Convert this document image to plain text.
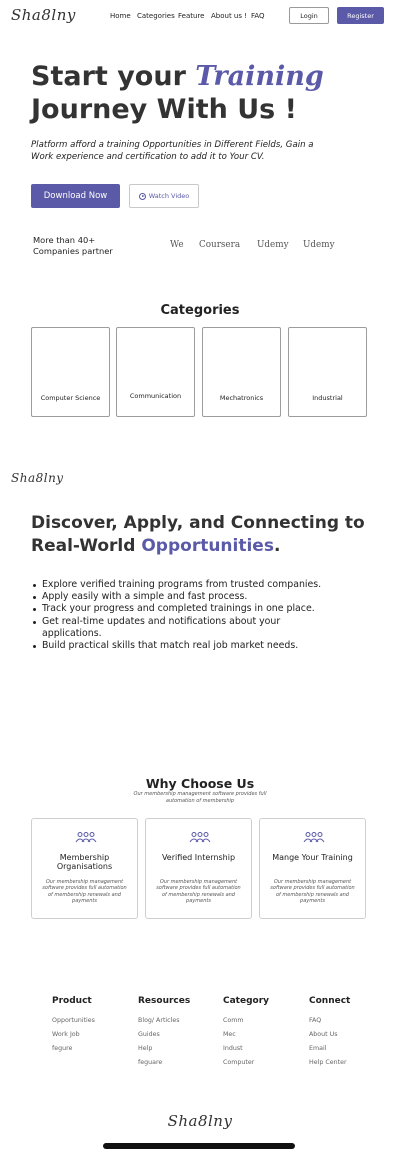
Sha8lny	Home Categories Feature About us ! FAQ	Login	Register
Start your Training
Journey With Us !

Platform afford a training Opportunities in Different Fields, Gain a Work experience and certification to add it to Your CV.

Download Now	Watch Video
More than 40+ Companies partner
We Coursera Udemy Udemy
Categories
Computer Science	Communication	Mechatronics	Industrial
Sha8lny
Discover, Apply, and Connecting to Real-World Opportunities.
Explore verified training programs from trusted companies.
Apply easily with a simple and fast process.
Track your progress and completed trainings in one place.
Get real-time updates and notifications about your applications.
Build practical skills that match real job market needs.
Why Choose Us

Our membership management software provides full automation of membership

Membership Organisations
Our membership management software provides full automation of membership renewals and payments
Verified Internship
Our membership management software provides full automation of membership renewals and payments
Mange Your Training
Our membership management software provides full automation of membership renewals and payments
Product
Opportunities
Work Job
fegure
Resources
Blog/ Articles
Guides
Help
feguare
Category
Comm
Mec
Indust
Computer
Connect
FAQ
About Us
Email
Help Center
Sha8lny
